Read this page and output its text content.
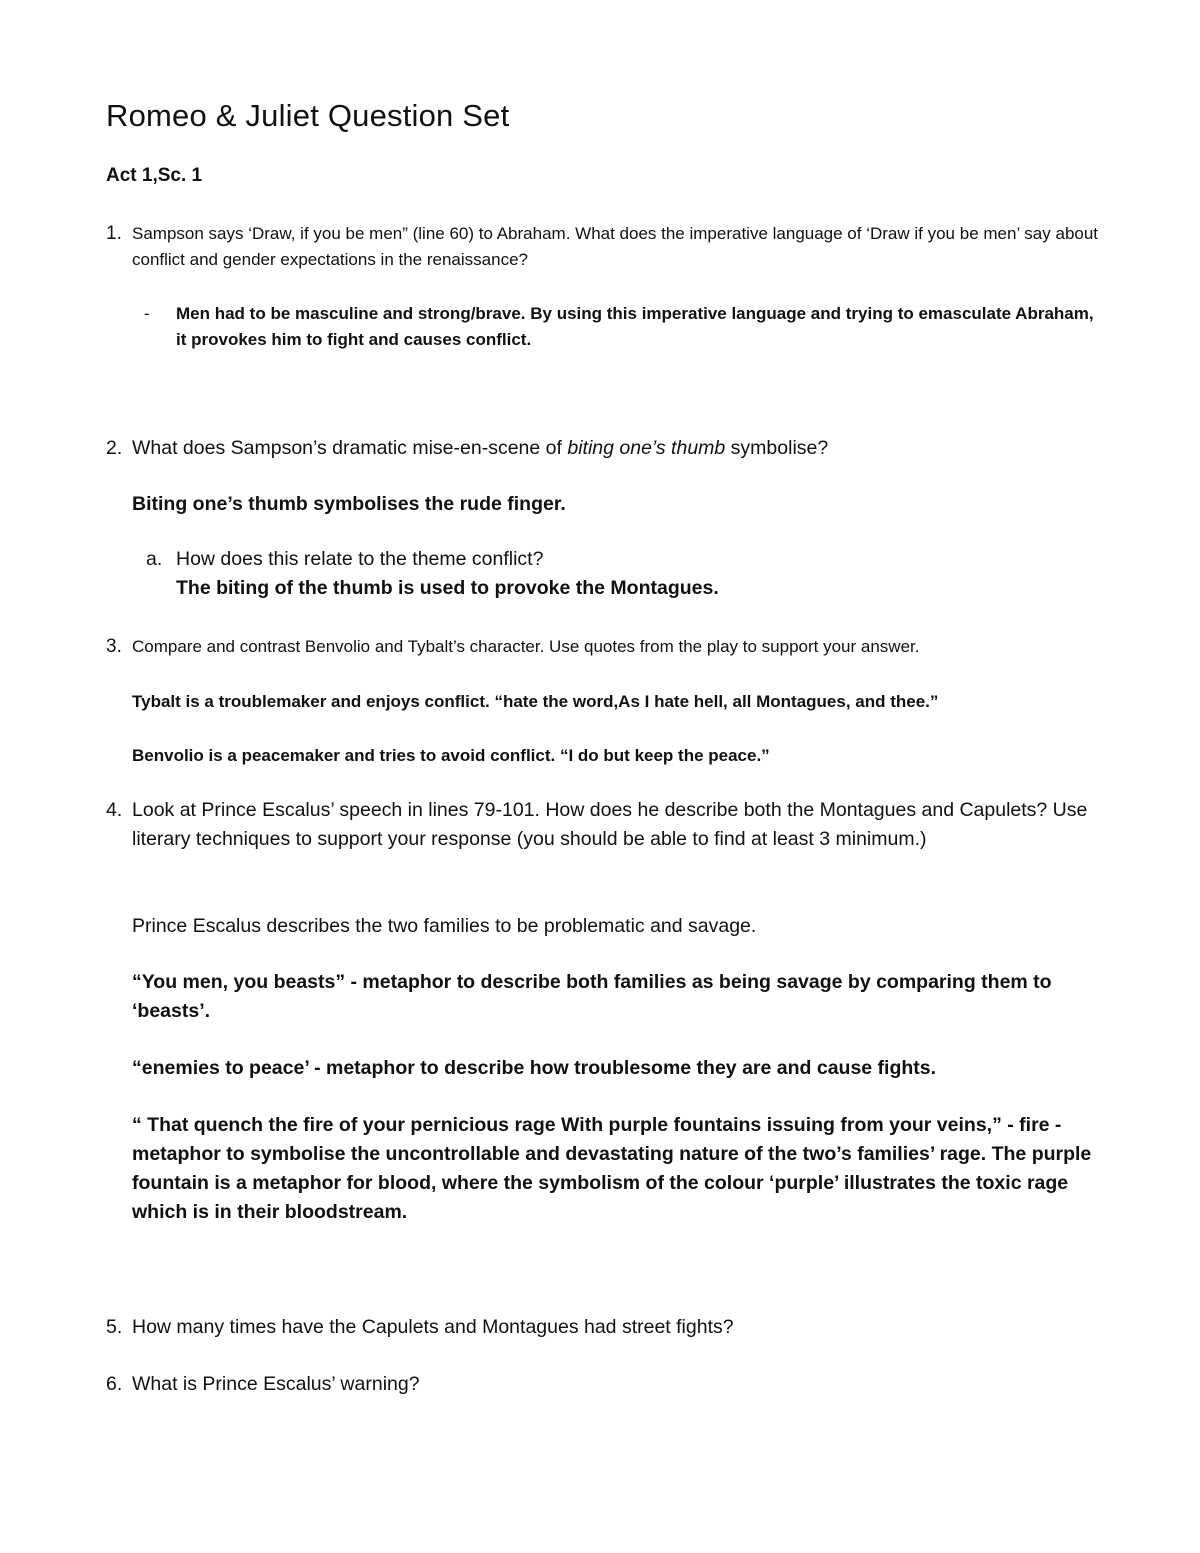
Romeo & Juliet Question Set
Act 1,Sc. 1
1. Sampson says ‘Draw, if you be men” (line 60) to Abraham. What does the imperative language of ‘Draw if you be men’ say about conflict and gender expectations in the renaissance?
- Men had to be masculine and strong/brave. By using this imperative language and trying to emasculate Abraham, it provokes him to fight and causes conflict.
2. What does Sampson’s dramatic mise-en-scene of biting one’s thumb symbolise?
Biting one’s thumb symbolises the rude finger.
a. How does this relate to the theme conflict?
The biting of the thumb is used to provoke the Montagues.
3. Compare and contrast Benvolio and Tybalt’s character. Use quotes from the play to support your answer.
Tybalt is a troublemaker and enjoys conflict. “hate the word,As I hate hell, all Montagues, and thee.”
Benvolio is a peacemaker and tries to avoid conflict. “I do but keep the peace.”
4. Look at Prince Escalus’ speech in lines 79-101. How does he describe both the Montagues and Capulets? Use literary techniques to support your response (you should be able to find at least 3 minimum.)
Prince Escalus describes the two families to be problematic and savage.
“You men, you beasts” - metaphor to describe both families as being savage by comparing them to ‘beasts’.
“enemies to peace’ - metaphor to describe how troublesome they are and cause fights.
“ That quench the fire of your pernicious rage With purple fountains issuing from your veins,” - fire - metaphor to symbolise the uncontrollable and devastating nature of the two’s families’ rage. The purple fountain is a metaphor for blood, where the symbolism of the colour ‘purple’ illustrates the toxic rage which is in their bloodstream.
5. How many times have the Capulets and Montagues had street fights?
6. What is Prince Escalus’ warning?
